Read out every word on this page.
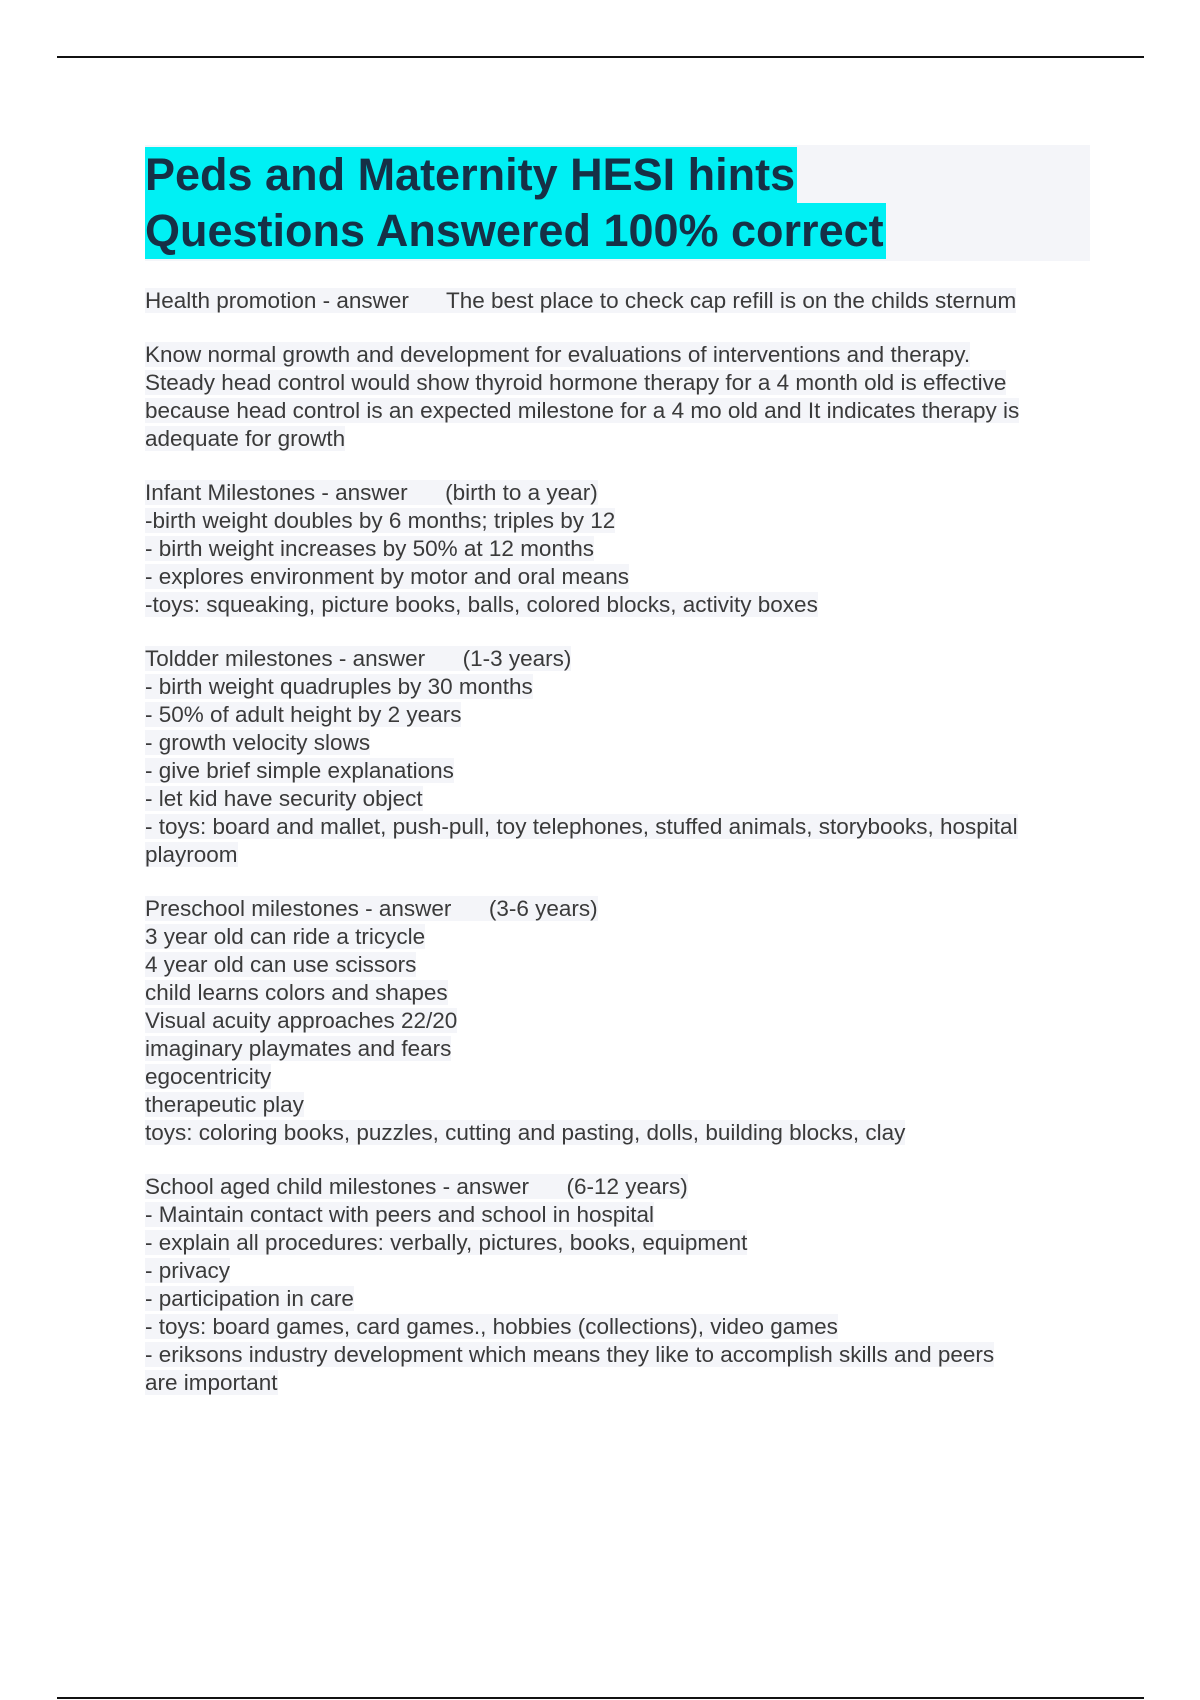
Peds and Maternity HESI hints
Questions Answered 100% correct
Health promotion - answer      The best place to check cap refill is on the childs sternum
Know normal growth and development for evaluations of interventions and therapy.
Steady head control would show thyroid hormone therapy for a 4 month old is effective
because head control is an expected milestone for a 4 mo old and It indicates therapy is
adequate for growth
Infant Milestones - answer      (birth to a year)
-birth weight doubles by 6 months; triples by 12
- birth weight increases by 50% at 12 months
- explores environment by motor and oral means
-toys: squeaking, picture books, balls, colored blocks, activity boxes
Toldder milestones - answer      (1-3 years)
- birth weight quadruples by 30 months
- 50% of adult height by 2 years
- growth velocity slows
- give brief simple explanations
- let kid have security object
- toys: board and mallet, push-pull, toy telephones, stuffed animals, storybooks, hospital
playroom
Preschool milestones - answer      (3-6 years)
3 year old can ride a tricycle
4 year old can use scissors
child learns colors and shapes
Visual acuity approaches 22/20
imaginary playmates and fears
egocentricity
therapeutic play
toys: coloring books, puzzles, cutting and pasting, dolls, building blocks, clay
School aged child milestones - answer      (6-12 years)
- Maintain contact with peers and school in hospital
- explain all procedures: verbally, pictures, books, equipment
- privacy
- participation in care
- toys: board games, card games., hobbies (collections), video games
- eriksons industry development which means they like to accomplish skills and peers
are important
